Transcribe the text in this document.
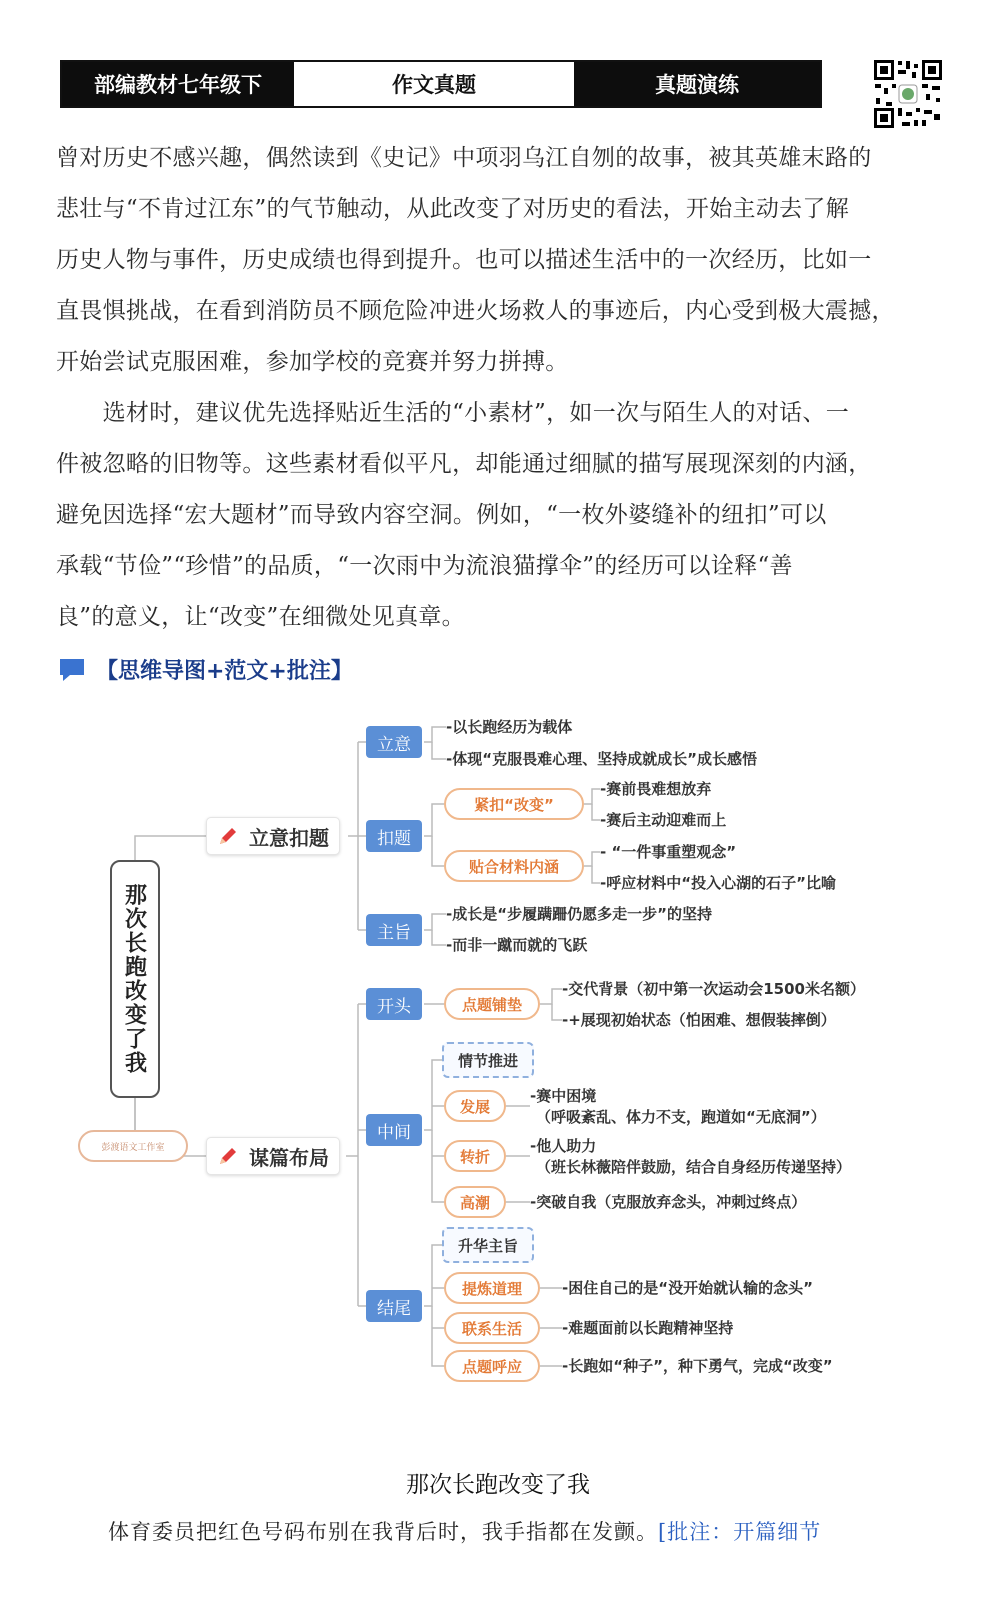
部编教材七年级下	作文真题	真题演练
曾对历史不感兴趣，偶然读到《史记》中项羽乌江自刎的故事，被其英雄末路的
悲壮与“不肯过江东”的气节触动，从此改变了对历史的看法，开始主动去了解
历史人物与事件，历史成绩也得到提升。也可以描述生活中的一次经历，比如一
直畏惧挑战，在看到消防员不顾危险冲进火场救人的事迹后，内心受到极大震撼，
开始尝试克服困难，参加学校的竞赛并努力拼搏。
　　选材时，建议优先选择贴近生活的“小素材”，如一次与陌生人的对话、一
件被忽略的旧物等。这些素材看似平凡，却能通过细腻的描写展现深刻的内涵，
避免因选择“宏大题材”而导致内容空洞。例如，“一枚外婆缝补的纽扣”可以
承载“节俭”“珍惜”的品质，“一次雨中为流浪猫撑伞”的经历可以诠释“善
良”的意义，让“改变”在细微处见真章。
【思维导图+范文+批注】
那次长跑改变了我
彭渡语文工作室
立意扣题
立意
扣题
主旨
-以长跑经历为载体
-体现“克服畏难心理、坚持成就成长”成长感悟
紧扣“改变”
贴合材料内涵
-赛前畏难想放弃
-赛后主动迎难而上
- “一件事重塑观念”
-呼应材料中“投入心湖的石子”比喻
-成长是“步履蹒跚仍愿多走一步”的坚持
-而非一蹴而就的飞跃
谋篇布局
开头
中间
结尾
点题铺垫
-交代背景（初中第一次运动会1500米名额）
-+展现初始状态（怕困难、想假装摔倒）
情节推进
发展
-赛中困境
（呼吸紊乱、体力不支，跑道如“无底洞”）
转折
-他人助力
（班长林薇陪伴鼓励，结合自身经历传递坚持）
高潮	-突破自我（克服放弃念头，冲刺过终点）
升华主旨
提炼道理	-困住自己的是“没开始就认输的念头”
联系生活	-难题面前以长跑精神坚持
点题呼应	-长跑如“种子”，种下勇气，完成“改变”
那次长跑改变了我
体育委员把红色号码布别在我背后时，我手指都在发颤。[批注：开篇细节
